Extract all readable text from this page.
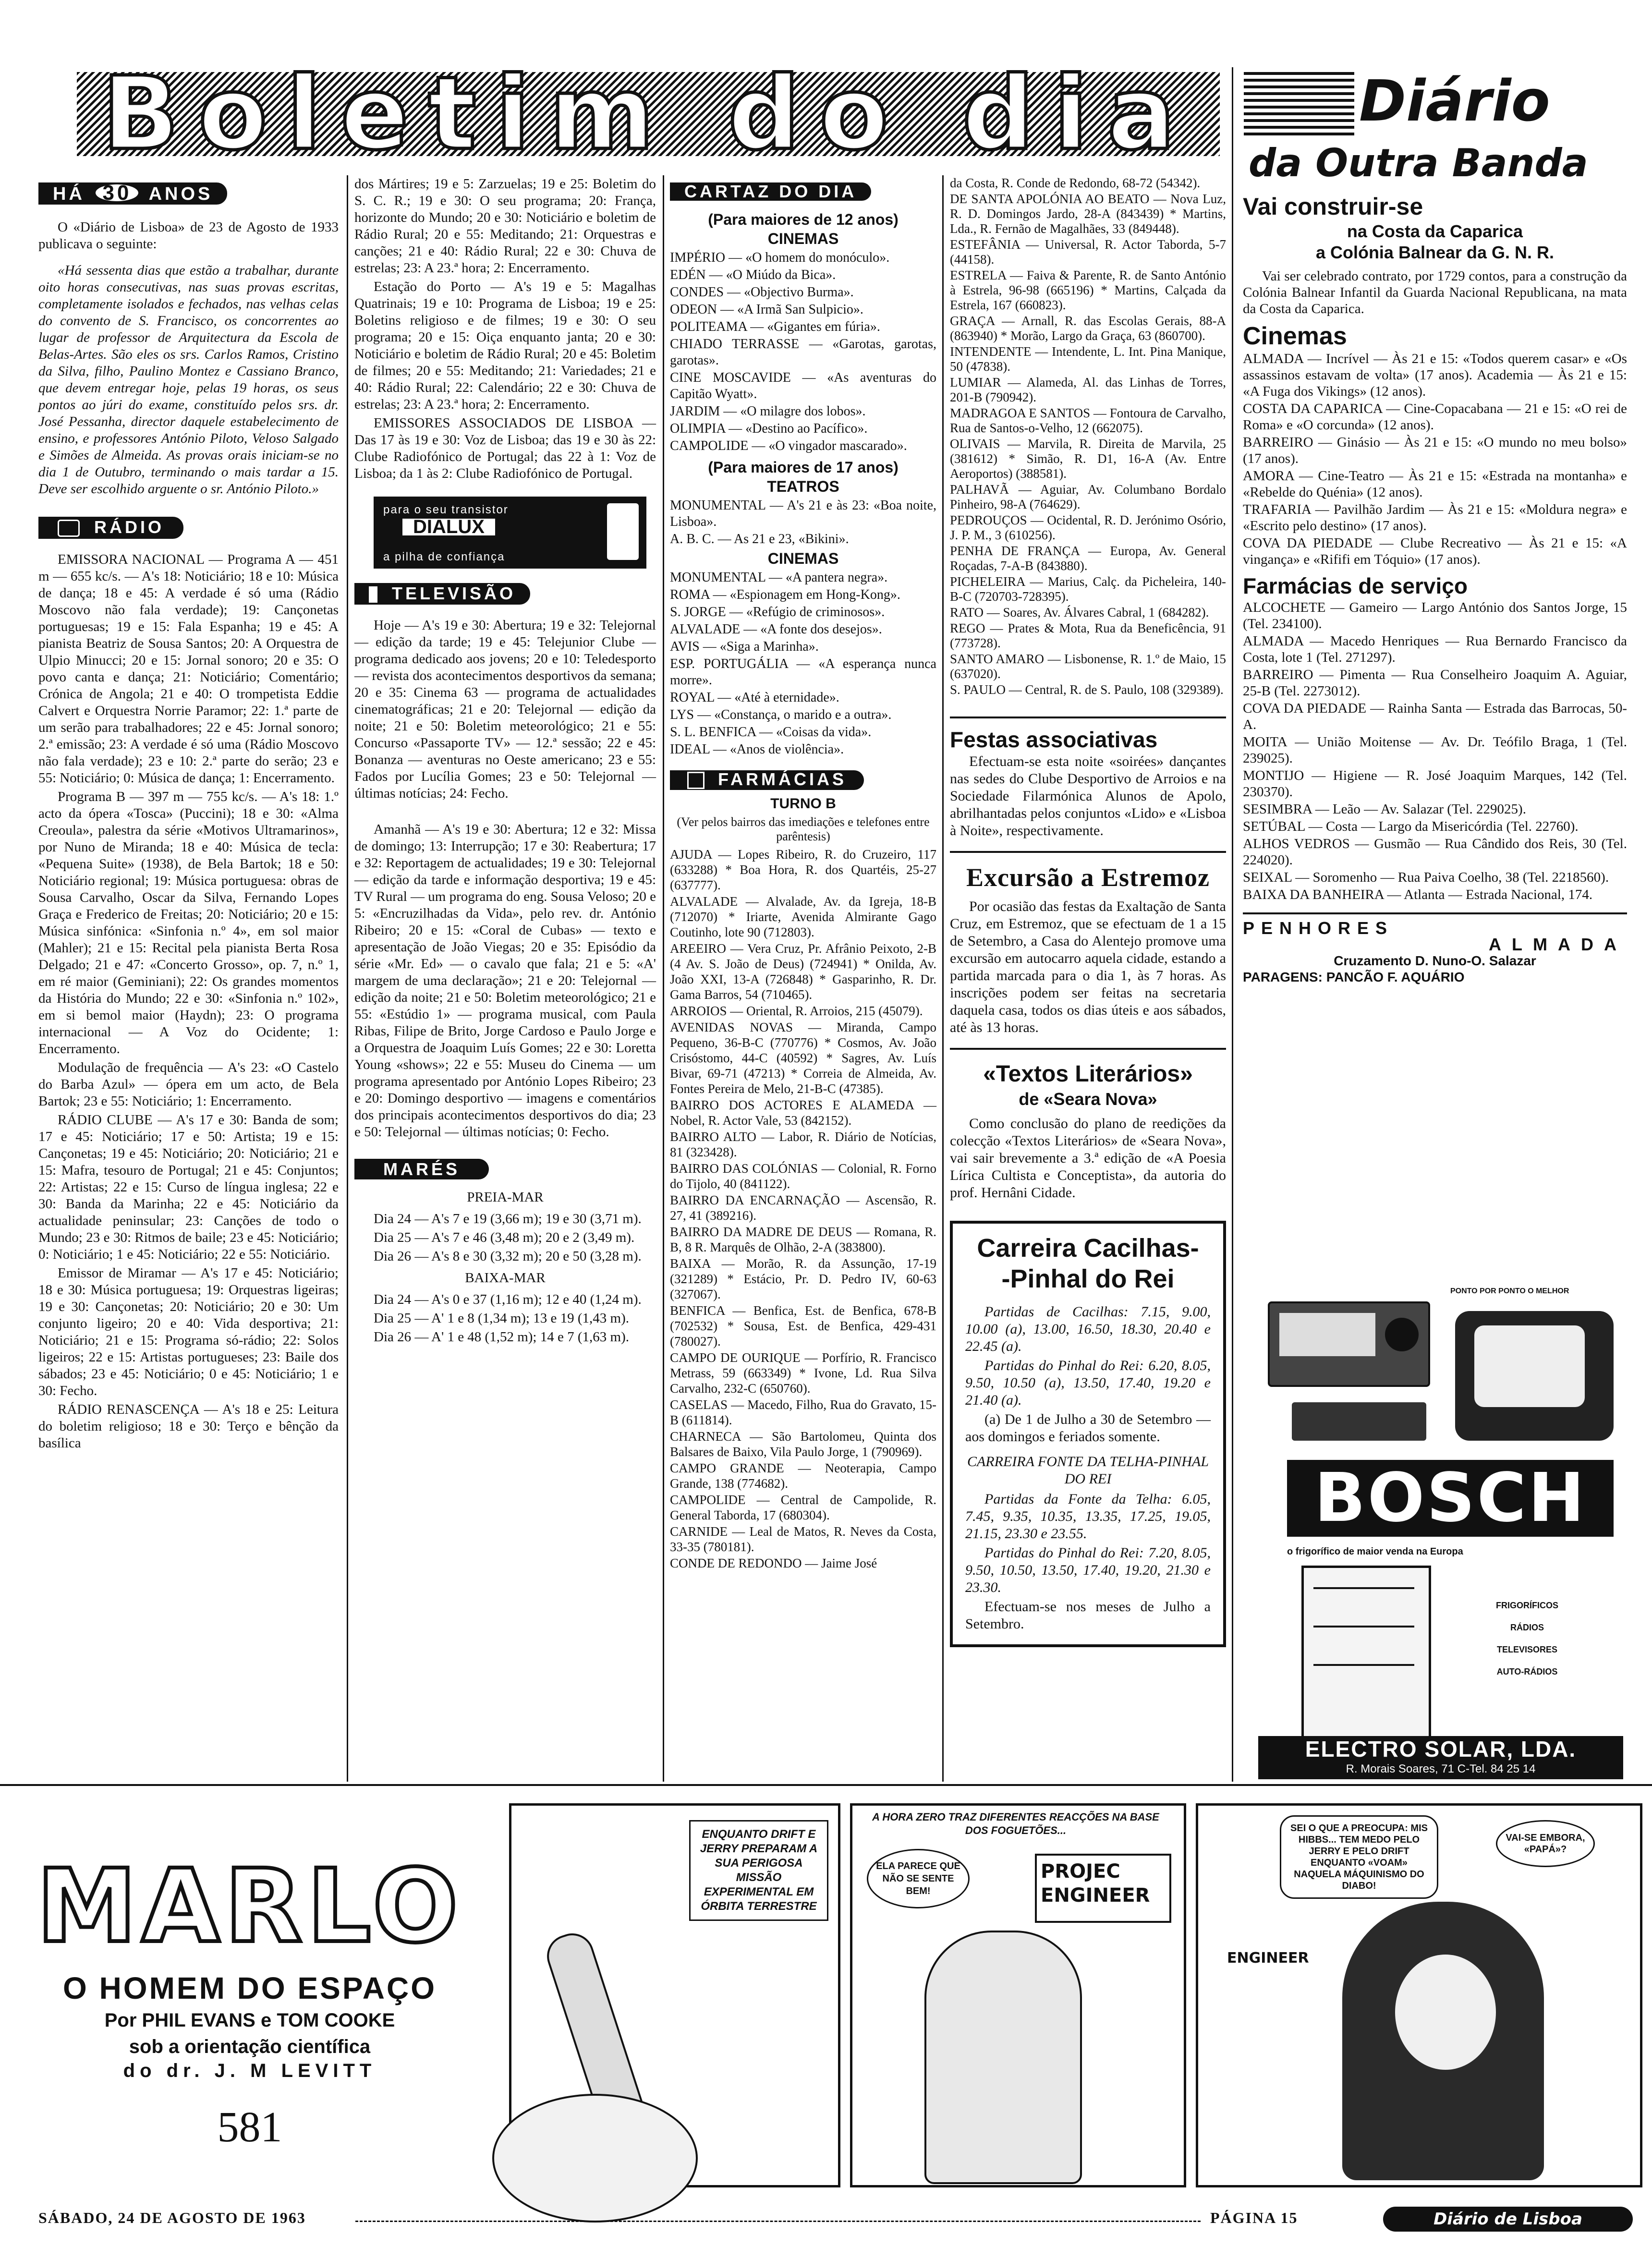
Boletim do dia	Diário
da Outra Banda
HÁ 30 ANOS

O «Diário de Lisboa» de 23 de Agosto de 1933 publicava o seguinte:

«Há sessenta dias que estão a trabalhar, durante oito horas consecutivas, nas suas provas escritas, completamente isolados e fechados, nas velhas celas do convento de S. Francisco, os concorrentes ao lugar de professor de Arquitectura da Escola de Belas-Artes. São eles os srs. Carlos Ramos, Cristino da Silva, filho, Paulino Montez e Cassiano Branco, que devem entregar hoje, pelas 19 horas, os seus pontos ao júri do exame, constituído pelos srs. dr. José Pessanha, director daquele estabelecimento de ensino, e professores António Piloto, Veloso Salgado e Simões de Almeida. As provas orais iniciam-se no dia 1 de Outubro, terminando o mais tardar a 15. Deve ser escolhido arguente o sr. António Piloto.»

RÁDIO

EMISSORA NACIONAL — Programa A — 451 m — 655 kc/s. — A's 18: Noticiário; 18 e 10: Música de dança; 18 e 45: A verdade é só uma (Rádio Moscovo não fala verdade); 19: Cançonetas portuguesas; 19 e 15: Fala Espanha; 19 e 45: A pianista Beatriz de Sousa Santos; 20: A Orquestra de Ulpio Minucci; 20 e 15: Jornal sonoro; 20 e 35: O povo canta e dança; 21: Noticiário; Comentário; Crónica de Angola; 21 e 40: O trompetista Eddie Calvert e Orquestra Norrie Paramor; 22: 1.ª parte de um serão para trabalhadores; 22 e 45: Jornal sonoro; 2.ª emissão; 23: A verdade é só uma (Rádio Moscovo não fala verdade); 23 e 10: 2.ª parte do serão; 23 e 55: Noticiário; 0: Música de dança; 1: Encerramento.

Programa B — 397 m — 755 kc/s. — A's 18: 1.º acto da ópera «Tosca» (Puccini); 18 e 30: «Alma Creoula», palestra da série «Motivos Ultramarinos», por Nuno de Miranda; 18 e 40: Música de tecla: «Pequena Suite» (1938), de Bela Bartok; 18 e 50: Noticiário regional; 19: Música portuguesa: obras de Sousa Carvalho, Oscar da Silva, Fernando Lopes Graça e Frederico de Freitas; 20: Noticiário; 20 e 15: Música sinfónica: «Sinfonia n.º 4», em sol maior (Mahler); 21 e 15: Recital pela pianista Berta Rosa Delgado; 21 e 47: «Concerto Grosso», op. 7, n.º 1, em ré maior (Geminiani); 22: Os grandes momentos da História do Mundo; 22 e 30: «Sinfonia n.º 102», em si bemol maior (Haydn); 23: O programa internacional — A Voz do Ocidente; 1: Encerramento.

Modulação de frequência — A's 23: «O Castelo do Barba Azul» — ópera em um acto, de Bela Bartok; 23 e 55: Noticiário; 1: Encerramento.

RÁDIO CLUBE — A's 17 e 30: Banda de som; 17 e 45: Noticiário; 17 e 50: Artista; 19 e 15: Cançonetas; 19 e 45: Noticiário; 20: Noticiário; 21 e 15: Mafra, tesouro de Portugal; 21 e 45: Conjuntos; 22: Artistas; 22 e 15: Curso de língua inglesa; 22 e 30: Banda da Marinha; 22 e 45: Noticiário da actualidade peninsular; 23: Canções de todo o Mundo; 23 e 30: Ritmos de baile; 23 e 45: Noticiário; 0: Noticiário; 1 e 45: Noticiário; 22 e 55: Noticiário.

Emissor de Miramar — A's 17 e 45: Noticiário; 18 e 30: Música portuguesa; 19: Orquestras ligeiras; 19 e 30: Cançonetas; 20: Noticiário; 20 e 30: Um conjunto ligeiro; 20 e 40: Vida desportiva; 21: Noticiário; 21 e 15: Programa só-rádio; 22: Solos ligeiros; 22 e 15: Artistas portugueses; 23: Baile dos sábados; 23 e 45: Noticiário; 0 e 45: Noticiário; 1 e 30: Fecho.

RÁDIO RENASCENÇA — A's 18 e 25: Leitura do boletim religioso; 18 e 30: Terço e bênção da basílica

dos Mártires; 19 e 5: Zarzuelas; 19 e 25: Boletim do S. C. R.; 19 e 30: O seu programa; 20: França, horizonte do Mundo; 20 e 30: Noticiário e boletim de Rádio Rural; 20 e 55: Meditando; 21: Orquestras e canções; 21 e 40: Rádio Rural; 22 e 30: Chuva de estrelas; 23: A 23.ª hora; 2: Encerramento.

Estação do Porto — A's 19 e 5: Magalhas Quatrinais; 19 e 10: Programa de Lisboa; 19 e 25: Boletins religioso e de filmes; 19 e 30: O seu programa; 20 e 15: Oiça enquanto janta; 20 e 30: Noticiário e boletim de Rádio Rural; 20 e 45: Boletim de filmes; 20 e 55: Meditando; 21: Variedades; 21 e 40: Rádio Rural; 22: Calendário; 22 e 30: Chuva de estrelas; 23: A 23.ª hora; 2: Encerramento.

EMISSORES ASSOCIADOS DE LISBOA — Das 17 às 19 e 30: Voz de Lisboa; das 19 e 30 às 22: Clube Radiofónico de Portugal; das 22 à 1: Voz de Lisboa; da 1 às 2: Clube Radiofónico de Portugal.

para o seu transistor
DIALUX
a pilha de confiança
TELEVISÃO

Hoje — A's 19 e 30: Abertura; 19 e 32: Telejornal — edição da tarde; 19 e 45: Telejunior Clube — programa dedicado aos jovens; 20 e 10: Teledesporto — revista dos acontecimentos desportivos da semana; 20 e 35: Cinema 63 — programa de actualidades cinematográficas; 21 e 20: Telejornal — edição da noite; 21 e 50: Boletim meteorológico; 21 e 55: Concurso «Passaporte TV» — 12.ª sessão; 22 e 45: Bonanza — aventuras no Oeste americano; 23 e 55: Fados por Lucília Gomes; 23 e 50: Telejornal — últimas notícias; 24: Fecho.

Amanhã — A's 19 e 30: Abertura; 12 e 32: Missa de domingo; 13: Interrupção; 17 e 30: Reabertura; 17 e 32: Reportagem de actualidades; 19 e 30: Telejornal — edição da tarde e informação desportiva; 19 e 45: TV Rural — um programa do eng. Sousa Veloso; 20 e 5: «Encruzilhadas da Vida», pelo rev. dr. António Ribeiro; 20 e 15: «Coral de Cubas» — texto e apresentação de João Viegas; 20 e 35: Episódio da série «Mr. Ed» — o cavalo que fala; 21 e 5: «A' margem de uma declaração»; 21 e 20: Telejornal — edição da noite; 21 e 50: Boletim meteorológico; 21 e 55: «Estúdio 1» — programa musical, com Paula Ribas, Filipe de Brito, Jorge Cardoso e Paulo Jorge e a Orquestra de Joaquim Luís Gomes; 22 e 30: Loretta Young «shows»; 22 e 55: Museu do Cinema — um programa apresentado por António Lopes Ribeiro; 23 e 20: Domingo desportivo — imagens e comentários dos principais acontecimentos desportivos do dia; 23 e 50: Telejornal — últimas notícias; 0: Fecho.

MARÉS
PREIA-MAR

Dia 24 — A's 7 e 19 (3,66 m); 19 e 30 (3,71 m).

Dia 25 — A's 7 e 46 (3,48 m); 20 e 2 (3,49 m).

Dia 26 — A's 8 e 30 (3,32 m); 20 e 50 (3,28 m).

BAIXA-MAR

Dia 24 — A's 0 e 37 (1,16 m); 12 e 40 (1,24 m).

Dia 25 — A' 1 e 8 (1,34 m); 13 e 19 (1,43 m).

Dia 26 — A' 1 e 48 (1,52 m); 14 e 7 (1,63 m).

CARTAZ DO DIA
(Para maiores de 12 anos)
CINEMAS

IMPÉRIO — «O homem do monóculo».

EDÉN — «O Miúdo da Bica».

CONDES — «Objectivo Burma».

ODEON — «A Irmã San Sulpicio».

POLITEAMA — «Gigantes em fúria».

CHIADO TERRASSE — «Garotas, garotas, garotas».

CINE MOSCAVIDE — «As aventuras do Capitão Wyatt».

JARDIM — «O milagre dos lobos».

OLIMPIA — «Destino ao Pacífico».

CAMPOLIDE — «O vingador mascarado».

(Para maiores de 17 anos)
TEATROS

MONUMENTAL — A's 21 e às 23: «Boa noite, Lisboa».

A. B. C. — As 21 e 23, «Bikini».

CINEMAS

MONUMENTAL — «A pantera negra».

ROMA — «Espionagem em Hong-Kong».

S. JORGE — «Refúgio de criminosos».

ALVALADE — «A fonte dos desejos».

AVIS — «Siga a Marinha».

ESP. PORTUGÁLIA — «A esperança nunca morre».

ROYAL — «Até à eternidade».

LYS — «Constança, o marido e a outra».

S. L. BENFICA — «Coisas da vida».

IDEAL — «Anos de violência».

FARMÁCIAS
TURNO B
(Ver pelos bairros das imediações e telefones entre parêntesis)

AJUDA — Lopes Ribeiro, R. do Cruzeiro, 117 (633288) * Boa Hora, R. dos Quartéis, 25-27 (637777).

ALVALADE — Alvalade, Av. da Igreja, 18-B (712070) * Iriarte, Avenida Almirante Gago Coutinho, lote 90 (712803).

AREEIRO — Vera Cruz, Pr. Afrânio Peixoto, 2-B (4 Av. S. João de Deus) (724941) * Onilda, Av. João XXI, 13-A (726848) * Gasparinho, R. Dr. Gama Barros, 54 (710465).

ARROIOS — Oriental, R. Arroios, 215 (45079).

AVENIDAS NOVAS — Miranda, Campo Pequeno, 36-B-C (770776) * Cosmos, Av. João Crisóstomo, 44-C (40592) * Sagres, Av. Luís Bivar, 69-71 (47213) * Correia de Almeida, Av. Fontes Pereira de Melo, 21-B-C (47385).

BAIRRO DOS ACTORES E ALAMEDA — Nobel, R. Actor Vale, 53 (842152).

BAIRRO ALTO — Labor, R. Diário de Notícias, 81 (323428).

BAIRRO DAS COLÓNIAS — Colonial, R. Forno do Tijolo, 40 (841122).

BAIRRO DA ENCARNAÇÃO — Ascensão, R. 27, 41 (389216).

BAIRRO DA MADRE DE DEUS — Romana, R. B, 8 R. Marquês de Olhão, 2-A (383800).

BAIXA — Morão, R. da Assunção, 17-19 (321289) * Estácio, Pr. D. Pedro IV, 60-63 (327067).

BENFICA — Benfica, Est. de Benfica, 678-B (702532) * Sousa, Est. de Benfica, 429-431 (780027).

CAMPO DE OURIQUE — Porfírio, R. Francisco Metrass, 59 (663349) * Ivone, Ld. Rua Silva Carvalho, 232-C (650760).

CASELAS — Macedo, Filho, Rua do Gravato, 15-B (611814).

CHARNECA — São Bartolomeu, Quinta dos Balsares de Baixo, Vila Paulo Jorge, 1 (790969).

CAMPO GRANDE — Neoterapia, Campo Grande, 138 (774682).

CAMPOLIDE — Central de Campolide, R. General Taborda, 17 (680304).

CARNIDE — Leal de Matos, R. Neves da Costa, 33-35 (780181).

CONDE DE REDONDO — Jaime José

da Costa, R. Conde de Redondo, 68-72 (54342).

DE SANTA APOLÓNIA AO BEATO — Nova Luz, R. D. Domingos Jardo, 28-A (843439) * Martins, Lda., R. Fernão de Magalhães, 33 (849448).

ESTEFÂNIA — Universal, R. Actor Taborda, 5-7 (44158).

ESTRELA — Faiva & Parente, R. de Santo António à Estrela, 96-98 (665196) * Martins, Calçada da Estrela, 167 (660823).

GRAÇA — Arnall, R. das Escolas Gerais, 88-A (863940) * Morão, Largo da Graça, 63 (860700).

INTENDENTE — Intendente, L. Int. Pina Manique, 50 (47838).

LUMIAR — Alameda, Al. das Linhas de Torres, 201-B (790942).

MADRAGOA E SANTOS — Fontoura de Carvalho, Rua de Santos-o-Velho, 12 (662075).

OLIVAIS — Marvila, R. Direita de Marvila, 25 (381612) * Simão, R. D1, 16-A (Av. Entre Aeroportos) (388581).

PALHAVÃ — Aguiar, Av. Columbano Bordalo Pinheiro, 98-A (764629).

PEDROUÇOS — Ocidental, R. D. Jerónimo Osório, J. P. M., 3 (610256).

PENHA DE FRANÇA — Europa, Av. General Roçadas, 7-A-B (843880).

PICHELEIRA — Marius, Calç. da Picheleira, 140-B-C (720703-728395).

RATO — Soares, Av. Álvares Cabral, 1 (684282).

REGO — Prates & Mota, Rua da Beneficência, 91 (773728).

SANTO AMARO — Lisbonense, R. 1.º de Maio, 15 (637020).

S. PAULO — Central, R. de S. Paulo, 108 (329389).

Festas associativas

Efectuam-se esta noite «soirées» dançantes nas sedes do Clube Desportivo de Arroios e na Sociedade Filarmónica Alunos de Apolo, abrilhantadas pelos conjuntos «Lido» e «Lisboa à Noite», respectivamente.

Excursão a Estremoz

Por ocasião das festas da Exaltação de Santa Cruz, em Estremoz, que se efectuam de 1 a 15 de Setembro, a Casa do Alentejo promove uma excursão em autocarro aquela cidade, estando a partida marcada para o dia 1, às 7 horas. As inscrições podem ser feitas na secretaria daquela casa, todos os dias úteis e aos sábados, até às 13 horas.

«Textos Literários»
de «Seara Nova»

Como conclusão do plano de reedições da colecção «Textos Literários» de «Seara Nova», vai sair brevemente a 3.ª edição de «A Poesia Lírica Cultista e Conceptista», da autoria do prof. Hernâni Cidade.

Carreira Cacilhas-
-Pinhal do Rei

Partidas de Cacilhas: 7.15, 9.00, 10.00 (a), 13.00, 16.50, 18.30, 20.40 e 22.45 (a).

Partidas do Pinhal do Rei: 6.20, 8.05, 9.50, 10.50 (a), 13.50, 17.40, 19.20 e 21.40 (a).

(a) De 1 de Julho a 30 de Setembro — aos domingos e feriados somente.

CARREIRA FONTE DA TELHA-PINHAL DO REI

Partidas da Fonte da Telha: 6.05, 7.45, 9.35, 10.35, 13.35, 17.25, 19.05, 21.15, 23.30 e 23.55.

Partidas do Pinhal do Rei: 7.20, 8.05, 9.50, 10.50, 13.50, 17.40, 19.20, 21.30 e 23.30.

Efectuam-se nos meses de Julho a Setembro.

Vai construir-se
na Costa da Caparica
a Colónia Balnear da G. N. R.

Vai ser celebrado contrato, por 1729 contos, para a construção da Colónia Balnear Infantil da Guarda Nacional Republicana, na mata da Costa da Caparica.

Cinemas

ALMADA — Incrível — Às 21 e 15: «Todos querem casar» e «Os assassinos estavam de volta» (17 anos). Academia — Às 21 e 15: «A Fuga dos Vikings» (12 anos).

COSTA DA CAPARICA — Cine-Copacabana — 21 e 15: «O rei de Roma» e «O corcunda» (12 anos).

BARREIRO — Ginásio — Às 21 e 15: «O mundo no meu bolso» (17 anos).

AMORA — Cine-Teatro — Às 21 e 15: «Estrada na montanha» e «Rebelde do Quénia» (12 anos).

TRAFARIA — Pavilhão Jardim — Às 21 e 15: «Moldura negra» e «Escrito pelo destino» (17 anos).

COVA DA PIEDADE — Clube Recreativo — Às 21 e 15: «A vingança» e «Rififi em Tóquio» (17 anos).

Farmácias de serviço

ALCOCHETE — Gameiro — Largo António dos Santos Jorge, 15 (Tel. 234100).

ALMADA — Macedo Henriques — Rua Bernardo Francisco da Costa, lote 1 (Tel. 271297).

BARREIRO — Pimenta — Rua Conselheiro Joaquim A. Aguiar, 25-B (Tel. 2273012).

COVA DA PIEDADE — Rainha Santa — Estrada das Barrocas, 50-A.

MOITA — União Moitense — Av. Dr. Teófilo Braga, 1 (Tel. 239025).

MONTIJO — Higiene — R. José Joaquim Marques, 142 (Tel. 230370).

SESIMBRA — Leão — Av. Salazar (Tel. 229025).

SETÚBAL — Costa — Largo da Misericórdia (Tel. 22760).

ALHOS VEDROS — Gusmão — Rua Cândido dos Reis, 30 (Tel. 224020).

SEIXAL — Soromenho — Rua Paiva Coelho, 38 (Tel. 2218560).

BAIXA DA BANHEIRA — Atlanta — Estrada Nacional, 174.

PENHORES
ALMADA
Cruzamento D. Nuno-O. Salazar
PARAGENS: PANCÃO F. AQUÁRIO
PONTO POR PONTO O MELHOR
BOSCH
o frigorífico de maior venda na Europa
FRIGORÍFICOS
RÁDIOS
TELEVISORES
AUTO-RÁDIOS
ELECTRO SOLAR, LDA.
R. Morais Soares, 71 C-Tel. 84 25 14
MARLO
O HOMEM DO ESPAÇO
Por PHIL EVANS e TOM COOKE
sob a orientação científica
do dr. J. M LEVITT
581
ENQUANTO DRIFT E JERRY PREPARAM A SUA PERIGOSA MISSÃO EXPERIMENTAL EM ÓRBITA TERRESTRE
A HORA ZERO TRAZ DIFERENTES REACÇÕES NA BASE DOS FOGUETÕES...
ELA PARECE QUE NÃO SE SENTE BEM!
PROJEC ENGINEER
SEI O QUE A PREOCUPA: MIS HIBBS... TEM MEDO PELO JERRY E PELO DRIFT ENQUANTO «VOAM» NAQUELA MÁQUINISMO DO DIABO!
VAI-SE EMBORA, «PAPÁ»?
ENGINEER
SÁBADO, 24 DE AGOSTO DE 1963	PÁGINA 15	Diário de Lisboa
